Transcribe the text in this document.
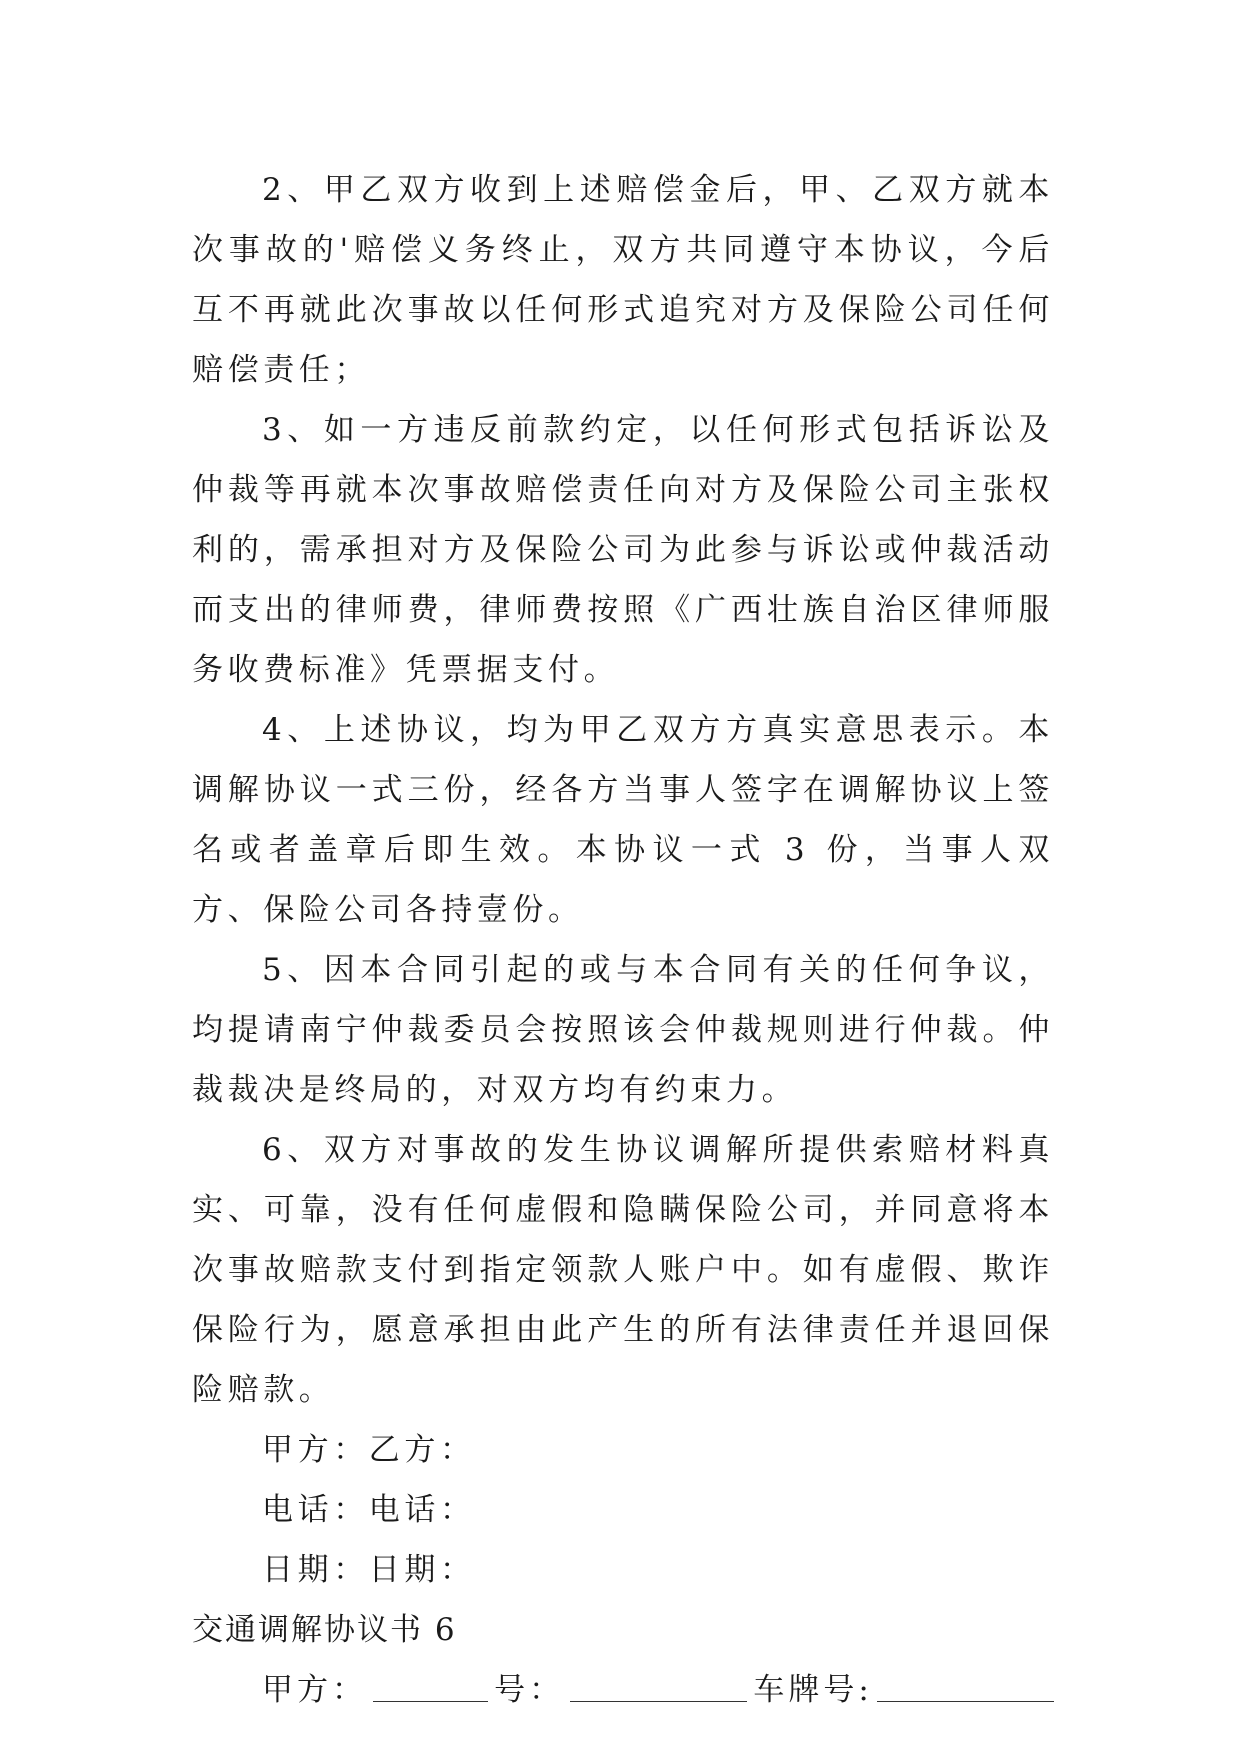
2、甲乙双方收到上述赔偿金后，甲、乙双方就本次事故的'赔偿义务终止，双方共同遵守本协议，今后互不再就此次事故以任何形式追究对方及保险公司任何赔偿责任；

3、如一方违反前款约定，以任何形式包括诉讼及仲裁等再就本次事故赔偿责任向对方及保险公司主张权利的，需承担对方及保险公司为此参与诉讼或仲裁活动而支出的律师费，律师费按照《广西壮族自治区律师服务收费标准》凭票据支付。

4、上述协议，均为甲乙双方方真实意思表示。本调解协议一式三份，经各方当事人签字在调解协议上签名或者盖章后即生效。本协议一式 3 份，当事人双方、保险公司各持壹份。

5、因本合同引起的或与本合同有关的任何争议，均提请南宁仲裁委员会按照该会仲裁规则进行仲裁。仲裁裁决是终局的，对双方均有约束力。

6、双方对事故的发生协议调解所提供索赔材料真实、可靠，没有任何虚假和隐瞒保险公司，并同意将本次事故赔款支付到指定领款人账户中。如有虚假、欺诈保险行为，愿意承担由此产生的所有法律责任并退回保险赔款。

甲方：乙方：

电话：电话：

日期：日期：

交通调解协议书 6

甲方：	号：	车牌号:
